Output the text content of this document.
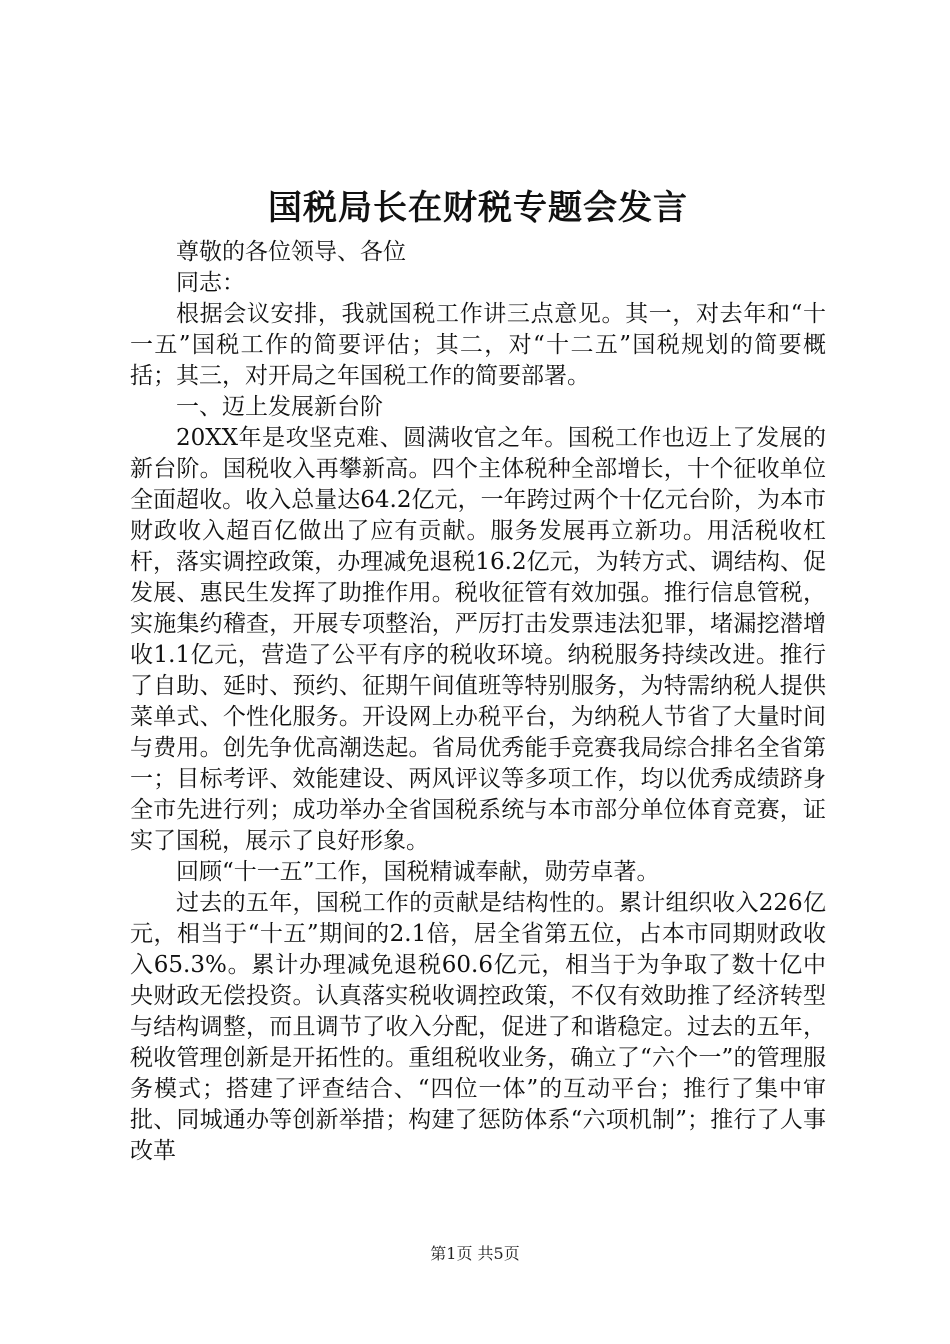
国税局长在财税专题会发言

尊敬的各位领导、各位

同志：

根据会议安排，我就国税工作讲三点意见。其一，对去年和“十一五”国税工作的简要评估；其二，对“十二五”国税规划的简要概括；其三，对开局之年国税工作的简要部署。

一、迈上发展新台阶

20XX年是攻坚克难、圆满收官之年。国税工作也迈上了发展的新台阶。国税收入再攀新高。四个主体税种全部增长，十个征收单位全面超收。收入总量达64.2亿元，一年跨过两个十亿元台阶，为本市财政收入超百亿做出了应有贡献。服务发展再立新功。用活税收杠杆，落实调控政策，办理减免退税16.2亿元，为转方式、调结构、促发展、惠民生发挥了助推作用。税收征管有效加强。推行信息管税，实施集约稽查，开展专项整治，严厉打击发票违法犯罪，堵漏挖潜增收1.1亿元，营造了公平有序的税收环境。纳税服务持续改进。推行了自助、延时、预约、征期午间值班等特别服务，为特需纳税人提供菜单式、个性化服务。开设网上办税平台，为纳税人节省了大量时间与费用。创先争优高潮迭起。省局优秀能手竞赛我局综合排名全省第一；目标考评、效能建设、两风评议等多项工作，均以优秀成绩跻身全市先进行列；成功举办全省国税系统与本市部分单位体育竞赛，证实了国税，展示了良好形象。

回顾“十一五”工作，国税精诚奉献，勋劳卓著。

过去的五年，国税工作的贡献是结构性的。累计组织收入226亿元，相当于“十五”期间的2.1倍，居全省第五位，占本市同期财政收入65.3%。累计办理减免退税60.6亿元，相当于为争取了数十亿中央财政无偿投资。认真落实税收调控政策，不仅有效助推了经济转型与结构调整，而且调节了收入分配，促进了和谐稳定。过去的五年，税收管理创新是开拓性的。重组税收业务，确立了“六个一”的管理服务模式；搭建了评查结合、“四位一体”的互动平台；推行了集中审批、同城通办等创新举措；构建了惩防体系“六项机制”；推行了人事改革

第1页 共5页
